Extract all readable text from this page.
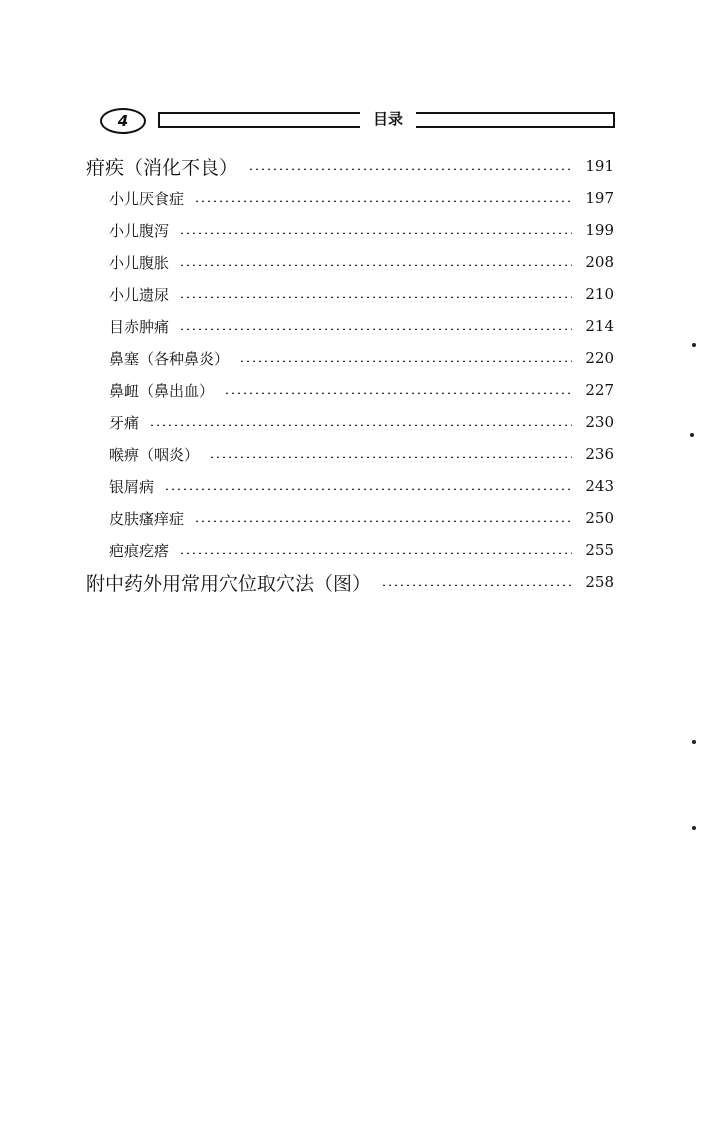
4	目录
疳疾（消化不良）	191
小儿厌食症	197
小儿腹泻	199
小儿腹胀	208
小儿遗尿	210
目赤肿痛	214
鼻塞（各种鼻炎）	220
鼻衄（鼻出血）	227
牙痛	230
喉痹（咽炎）	236
银屑病	243
皮肤瘙痒症	250
疤痕疙瘩	255
附中药外用常用穴位取穴法（图）	258
